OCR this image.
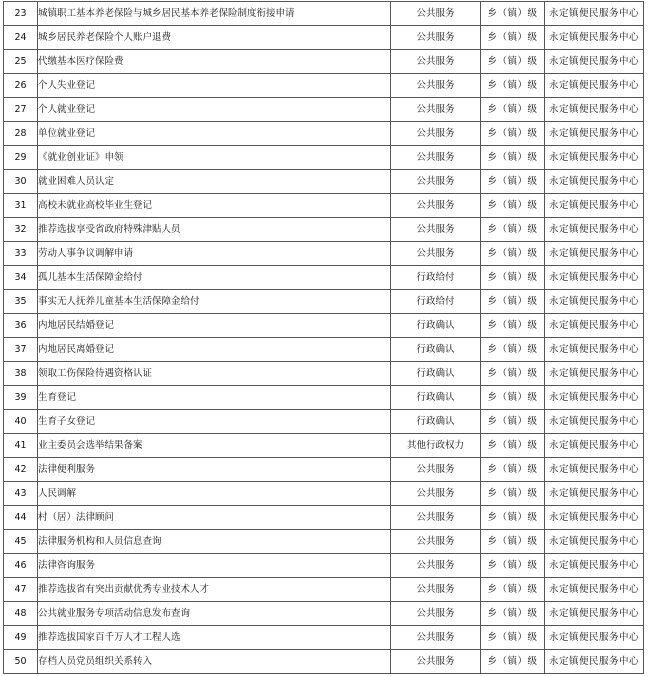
23	城镇职工基本养老保险与城乡居民基本养老保险制度衔接申请	公共服务	乡（镇）级	永定镇便民服务中心
24	城乡居民养老保险个人账户退费	公共服务	乡（镇）级	永定镇便民服务中心
25	代缴基本医疗保险费	公共服务	乡（镇）级	永定镇便民服务中心
26	个人失业登记	公共服务	乡（镇）级	永定镇便民服务中心
27	个人就业登记	公共服务	乡（镇）级	永定镇便民服务中心
28	单位就业登记	公共服务	乡（镇）级	永定镇便民服务中心
29	《就业创业证》申领	公共服务	乡（镇）级	永定镇便民服务中心
30	就业困难人员认定	公共服务	乡（镇）级	永定镇便民服务中心
31	高校未就业高校毕业生登记	公共服务	乡（镇）级	永定镇便民服务中心
32	推荐选拔享受省政府特殊津贴人员	公共服务	乡（镇）级	永定镇便民服务中心
33	劳动人事争议调解申请	公共服务	乡（镇）级	永定镇便民服务中心
34	孤儿基本生活保障金给付	行政给付	乡（镇）级	永定镇便民服务中心
35	事实无人抚养儿童基本生活保障金给付	行政给付	乡（镇）级	永定镇便民服务中心
36	内地居民结婚登记	行政确认	乡（镇）级	永定镇便民服务中心
37	内地居民离婚登记	行政确认	乡（镇）级	永定镇便民服务中心
38	领取工伤保险待遇资格认证	行政确认	乡（镇）级	永定镇便民服务中心
39	生育登记	行政确认	乡（镇）级	永定镇便民服务中心
40	生育子女登记	行政确认	乡（镇）级	永定镇便民服务中心
41	业主委员会选举结果备案	其他行政权力	乡（镇）级	永定镇便民服务中心
42	法律便利服务	公共服务	乡（镇）级	永定镇便民服务中心
43	人民调解	公共服务	乡（镇）级	永定镇便民服务中心
44	村（居）法律顾问	公共服务	乡（镇）级	永定镇便民服务中心
45	法律服务机构和人员信息查询	公共服务	乡（镇）级	永定镇便民服务中心
46	法律咨询服务	公共服务	乡（镇）级	永定镇便民服务中心
47	推荐选拔省有突出贡献优秀专业技术人才	公共服务	乡（镇）级	永定镇便民服务中心
48	公共就业服务专项活动信息发布查询	公共服务	乡（镇）级	永定镇便民服务中心
49	推荐选拔国家百千万人才工程人选	公共服务	乡（镇）级	永定镇便民服务中心
50	存档人员党员组织关系转入	公共服务	乡（镇）级	永定镇便民服务中心
